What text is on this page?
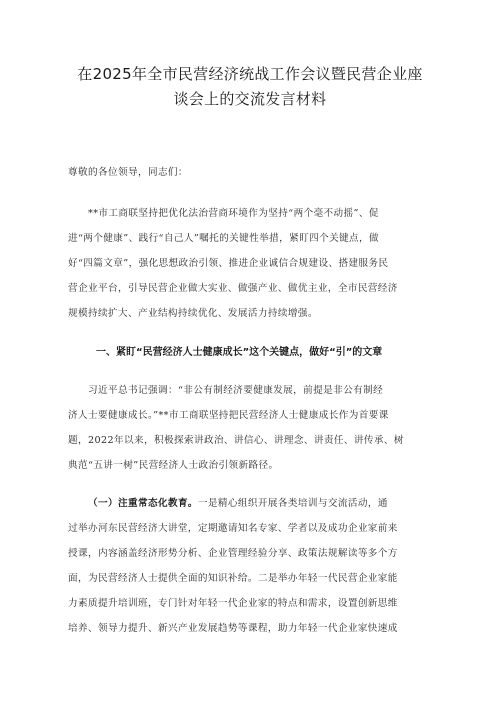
在2025年全市民营经济统战工作会议暨民营企业座
谈会上的交流发言材料
尊敬的各位领导，同志们：
**市工商联坚持把优化法治营商环境作为坚持“两个毫不动摇”、促
进“两个健康”、践行“自己人”嘱托的关键性举措，紧盯四个关键点，做
好“四篇文章”，强化思想政治引领、推进企业诚信合规建设、搭建服务民
营企业平台，引导民营企业做大实业、做强产业、做优主业，全市民营经济
规模持续扩大、产业结构持续优化、发展活力持续增强。
一、紧盯“民营经济人士健康成长”这个关键点，做好“引”的文章
习近平总书记强调：“非公有制经济要健康发展，前提是非公有制经
济人士要健康成长。”**市工商联坚持把民营经济人士健康成长作为首要课
题，2022年以来，积极探索讲政治、讲信心、讲理念、讲责任、讲传承、树
典范“五讲一树”民营经济人士政治引领新路径。
（一）注重常态化教育。一是精心组织开展各类培训与交流活动，通
过举办河东民营经济大讲堂，定期邀请知名专家、学者以及成功企业家前来
授课，内容涵盖经济形势分析、企业管理经验分享、政策法规解读等多个方
面，为民营经济人士提供全面的知识补给。二是举办年轻一代民营企业家能
力素质提升培训班，专门针对年轻一代企业家的特点和需求，设置创新思维
培养、领导力提升、新兴产业发展趋势等课程，助力年轻一代企业家快速成
